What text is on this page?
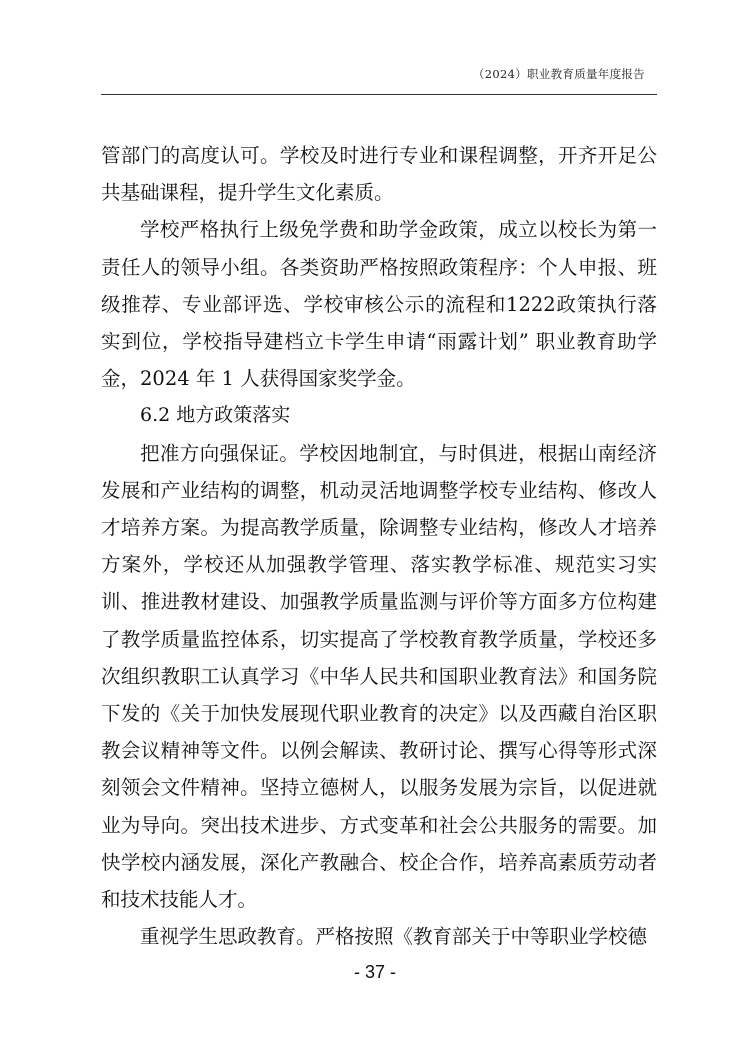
（2024）职业教育质量年度报告

管部门的高度认可。学校及时进行专业和课程调整，开齐开足公共基础课程，提升学生文化素质。

学校严格执行上级免学费和助学金政策，成立以校长为第一责任人的领导小组。各类资助严格按照政策程序：个人申报、班级推荐、专业部评选、学校审核公示的流程和1222政策执行落实到位，学校指导建档立卡学生申请“雨露计划” 职业教育助学金，2024 年 1 人获得国家奖学金。

6.2 地方政策落实

把准方向强保证。学校因地制宜，与时俱进，根据山南经济发展和产业结构的调整，机动灵活地调整学校专业结构、修改人才培养方案。为提高教学质量，除调整专业结构，修改人才培养方案外，学校还从加强教学管理、落实教学标准、规范实习实训、推进教材建设、加强教学质量监测与评价等方面多方位构建了教学质量监控体系，切实提高了学校教育教学质量，学校还多次组织教职工认真学习《中华人民共和国职业教育法》和国务院下发的《关于加快发展现代职业教育的决定》以及西藏自治区职教会议精神等文件。以例会解读、教研讨论、撰写心得等形式深刻领会文件精神。坚持立德树人，以服务发展为宗旨，以促进就业为导向。突出技术进步、方式变革和社会公共服务的需要。加快学校内涵发展，深化产教融合、校企合作，培养高素质劳动者和技术技能人才。

重视学生思政教育。严格按照《教育部关于中等职业学校德

- 37 -
